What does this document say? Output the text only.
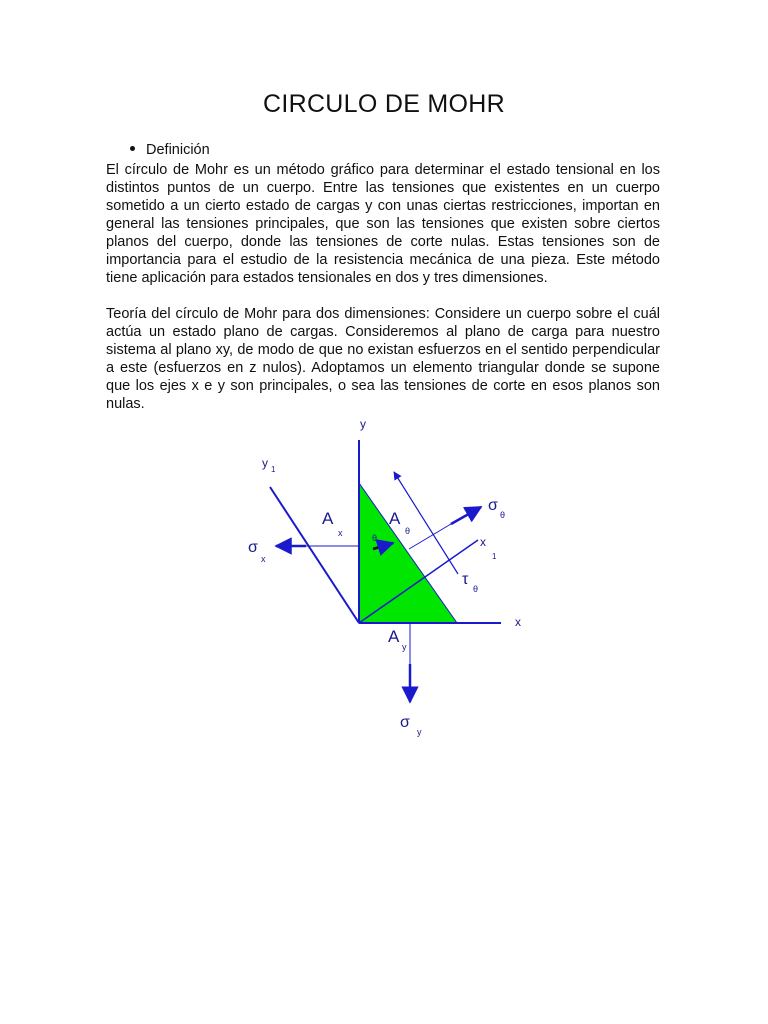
CIRCULO DE MOHR
Definición

El círculo de Mohr es un método gráfico para determinar el estado tensional en los distintos puntos de un cuerpo. Entre las tensiones que existentes en un cuerpo sometido a un cierto estado de cargas y con unas ciertas restricciones, importan en general las tensiones principales, que son las tensiones que existen sobre ciertos planos del cuerpo, donde las tensiones de corte nulas. Estas tensiones son de importancia para el estudio de la resistencia mecánica de una pieza. Este método tiene aplicación para estados tensionales en dos y tres dimensiones.

Teoría del círculo de Mohr para dos dimensiones: Considere un cuerpo sobre el cuál actúa un estado plano de cargas. Consideremos al plano de carga para nuestro sistema al plano xy, de modo de que no existan esfuerzos en el sentido perpendicular a este (esfuerzos en z nulos). Adoptamos un elemento triangular donde se supone que los ejes x e y son principales, o sea las tensiones de corte en esos planos son nulas.

y
x
y 1
x
1
A
x
A
θ
A
y
θ
σ
x
σ
θ
σ
y
τ
θ
